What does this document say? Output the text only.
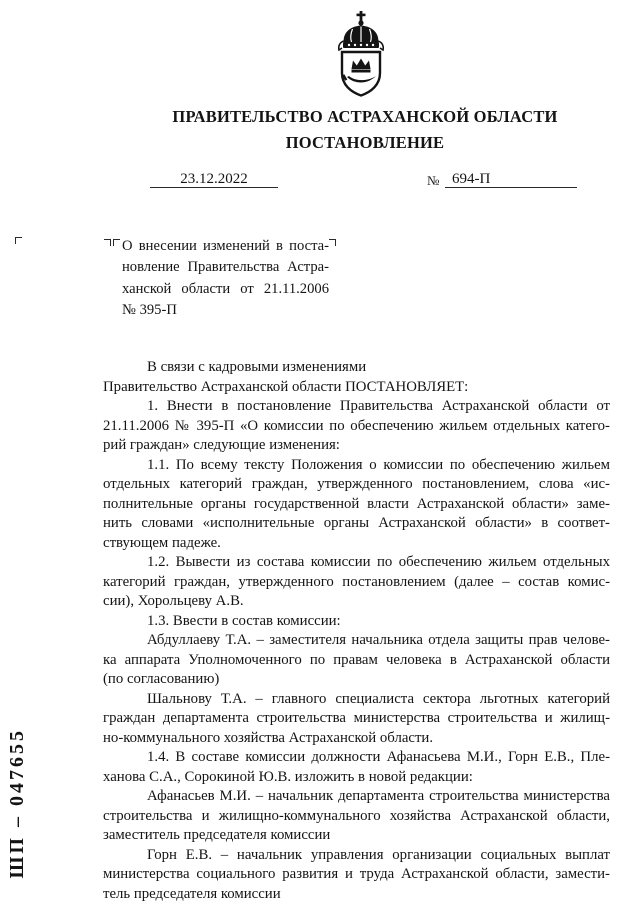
ПРАВИТЕЛЬСТВО АСТРАХАНСКОЙ ОБЛАСТИ
ПОСТАНОВЛЕНИЕ
23.12.2022	№ 694-П
О внесении изменений в поста-
новление Правительства Астра-
ханской области от 21.11.2006
№ 395-П
В связи с кадровыми изменениями
Правительство Астраханской области ПОСТАНОВЛЯЕТ:
1. Внести в постановление Правительства Астраханской области от
21.11.2006 № 395-П «О комиссии по обеспечению жильем отдельных катего-
рий граждан» следующие изменения:
1.1. По всему тексту Положения о комиссии по обеспечению жильем
отдельных категорий граждан, утвержденного постановлением, слова «ис-
полнительные органы государственной власти Астраханской области» заме-
нить словами «исполнительные органы Астраханской области» в соответ-
ствующем падеже.
1.2. Вывести из состава комиссии по обеспечению жильем отдельных
категорий граждан, утвержденного постановлением (далее – состав комис-
сии), Хорольцеву А.В.
1.3. Ввести в состав комиссии:
Абдуллаеву Т.А. – заместителя начальника отдела защиты прав челове-
ка аппарата Уполномоченного по правам человека в Астраханской области
(по согласованию)
Шальнову Т.А. – главного специалиста сектора льготных категорий
граждан департамента строительства министерства строительства и жилищ-
но-коммунального хозяйства Астраханской области.
1.4. В составе комиссии должности Афанасьева М.И., Горн Е.В., Пле-
ханова С.А., Сорокиной Ю.В. изложить в новой редакции:
Афанасьев М.И. – начальник департамента строительства министерства
строительства и жилищно-коммунального хозяйства Астраханской области,
заместитель председателя комиссии
Горн Е.В. – начальник управления организации социальных выплат
министерства социального развития и труда Астраханской области, замести-
тель председателя комиссии
ШП – 047655
